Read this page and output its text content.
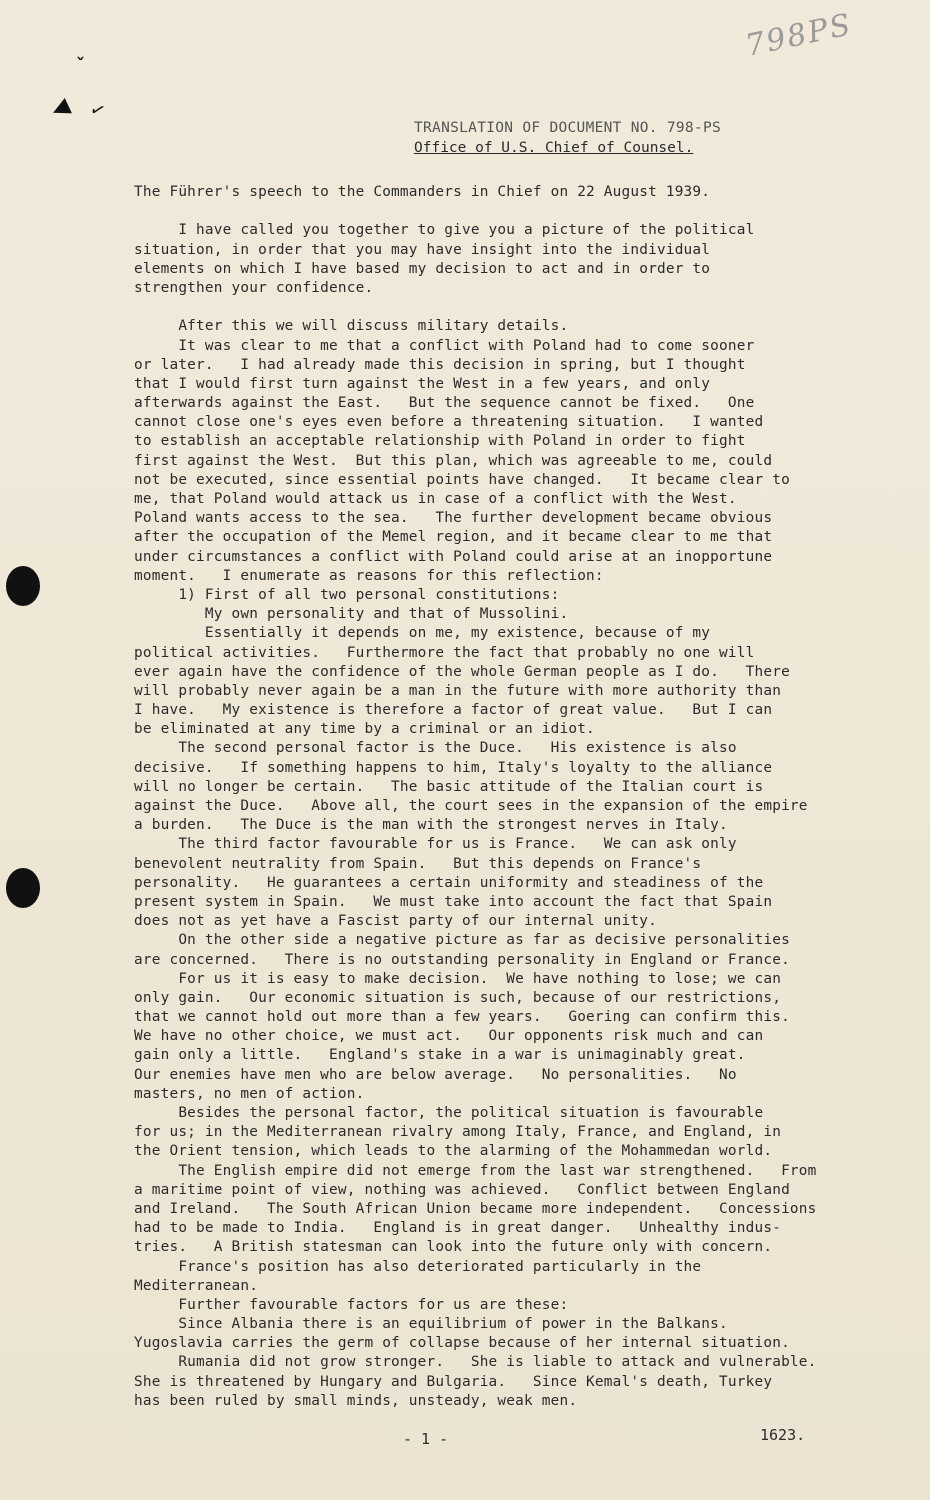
ˇ
◀ ✓
798PS
TRANSLATION OF DOCUMENT NO. 798-PS
Office of U.S. Chief of Counsel.
The Führer's speech to the Commanders in Chief on 22 August 1939.
I have called you together to give you a picture of the political
situation, in order that you may have insight into the individual
elements on which I have based my decision to act and in order to
strengthen your confidence.
After this we will discuss military details.
It was clear to me that a conflict with Poland had to come sooner
or later.   I had already made this decision in spring, but I thought
that I would first turn against the West in a few years, and only
afterwards against the East.   But the sequence cannot be fixed.   One
cannot close one's eyes even before a threatening situation.   I wanted
to establish an acceptable relationship with Poland in order to fight
first against the West.  But this plan, which was agreeable to me, could
not be executed, since essential points have changed.   It became clear to
me, that Poland would attack us in case of a conflict with the West.
Poland wants access to the sea.   The further development became obvious
after the occupation of the Memel region, and it became clear to me that
under circumstances a conflict with Poland could arise at an inopportune
moment.   I enumerate as reasons for this reflection:
1) First of all two personal constitutions:
My own personality and that of Mussolini.
Essentially it depends on me, my existence, because of my
political activities.   Furthermore the fact that probably no one will
ever again have the confidence of the whole German people as I do.   There
will probably never again be a man in the future with more authority than
I have.   My existence is therefore a factor of great value.   But I can
be eliminated at any time by a criminal or an idiot.
The second personal factor is the Duce.   His existence is also
decisive.   If something happens to him, Italy's loyalty to the alliance
will no longer be certain.   The basic attitude of the Italian court is
against the Duce.   Above all, the court sees in the expansion of the empire
a burden.   The Duce is the man with the strongest nerves in Italy.
The third factor favourable for us is France.   We can ask only
benevolent neutrality from Spain.   But this depends on France's
personality.   He guarantees a certain uniformity and steadiness of the
present system in Spain.   We must take into account the fact that Spain
does not as yet have a Fascist party of our internal unity.
On the other side a negative picture as far as decisive personalities
are concerned.   There is no outstanding personality in England or France.
For us it is easy to make decision.  We have nothing to lose; we can
only gain.   Our economic situation is such, because of our restrictions,
that we cannot hold out more than a few years.   Goering can confirm this.
We have no other choice, we must act.   Our opponents risk much and can
gain only a little.   England's stake in a war is unimaginably great.
Our enemies have men who are below average.   No personalities.   No
masters, no men of action.
Besides the personal factor, the political situation is favourable
for us; in the Mediterranean rivalry among Italy, France, and England, in
the Orient tension, which leads to the alarming of the Mohammedan world.
The English empire did not emerge from the last war strengthened.   From
a maritime point of view, nothing was achieved.   Conflict between England
and Ireland.   The South African Union became more independent.   Concessions
had to be made to India.   England is in great danger.   Unhealthy indus-
tries.   A British statesman can look into the future only with concern.
France's position has also deteriorated particularly in the
Mediterranean.
Further favourable factors for us are these:
Since Albania there is an equilibrium of power in the Balkans.
Yugoslavia carries the germ of collapse because of her internal situation.
Rumania did not grow stronger.   She is liable to attack and vulnerable.
She is threatened by Hungary and Bulgaria.   Since Kemal's death, Turkey
has been ruled by small minds, unsteady, weak men.
- 1 -	1623.
